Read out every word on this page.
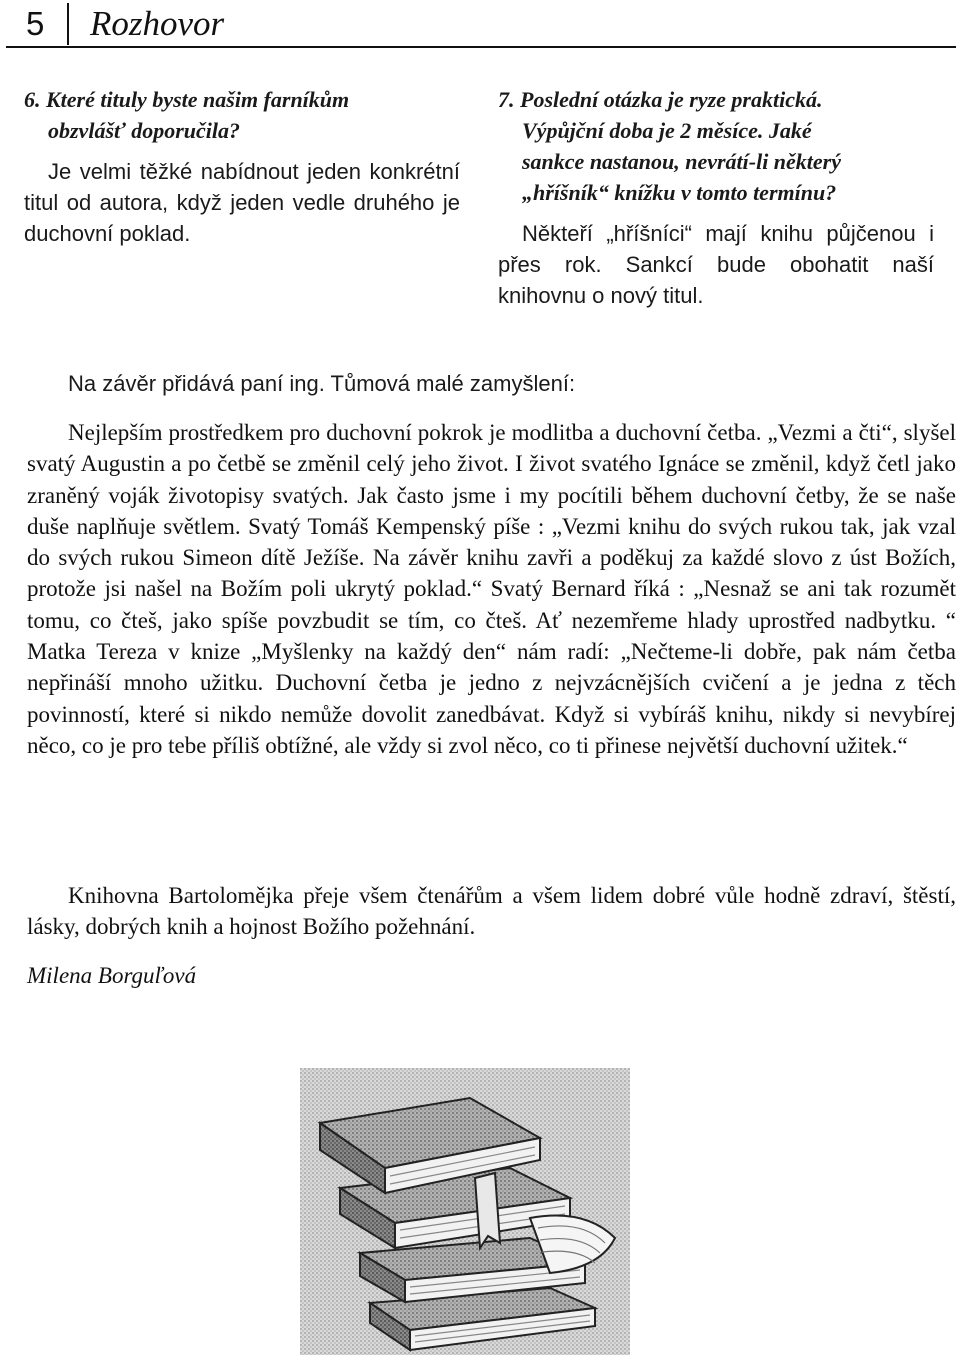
5 Rozhovor

6. Které tituly byste našim farníkům
obzvlášť doporučila?

Je velmi těžké nabídnout jeden konkrétní titul od autora, když jeden vedle druhého je duchovní poklad.

7. Poslední otázka je ryze praktická.
Výpůjční doba je 2 měsíce. Jaké
sankce nastanou, nevrátí-li některý
„hříšník“ knížku v tomto termínu?

Někteří „hříšníci“ mají knihu půjčenou i přes rok. Sankcí bude obohatit naší knihovnu o nový titul.

Na závěr přidává paní ing. Tůmová malé zamyšlení:

Nejlepším prostředkem pro duchovní pokrok je modlitba a duchovní četba. „Vezmi a čti“, slyšel svatý Augustin a po četbě se změnil celý jeho život. I život svatého Ignáce se změnil, když četl jako zraněný voják životopisy svatých. Jak často jsme i my pocítili během duchovní četby, že se naše duše naplňuje světlem. Svatý Tomáš Kempenský píše : „Vezmi knihu do svých rukou tak, jak vzal do svých rukou Simeon dítě Ježíše. Na závěr knihu zavři a poděkuj za každé slovo z úst Božích, protože jsi našel na Božím poli ukrytý poklad.“ Svatý Bernard říká : „Nesnaž se ani tak rozumět tomu, co čteš, jako spíše povzbudit se tím, co čteš. Ať nezemřeme hlady uprostřed nadbytku. “ Matka Tereza v knize „Myšlenky na každý den“ nám radí: „Nečteme-li dobře, pak nám četba nepřináší mnoho užitku. Duchovní četba je jedno z nejvzácnějších cvičení a je jedna z těch povinností, které si nikdo nemůže dovolit zanedbávat. Když si vybíráš knihu, nikdy si nevybírej něco, co je pro tebe příliš obtížné, ale vždy si zvol něco, co ti přinese největší duchovní užitek.“

Knihovna Bartolomějka přeje všem čtenářům a všem lidem dobré vůle hodně zdraví, štěstí, lásky, dobrých knih a hojnost Božího požehnání.

Milena Borguľová
